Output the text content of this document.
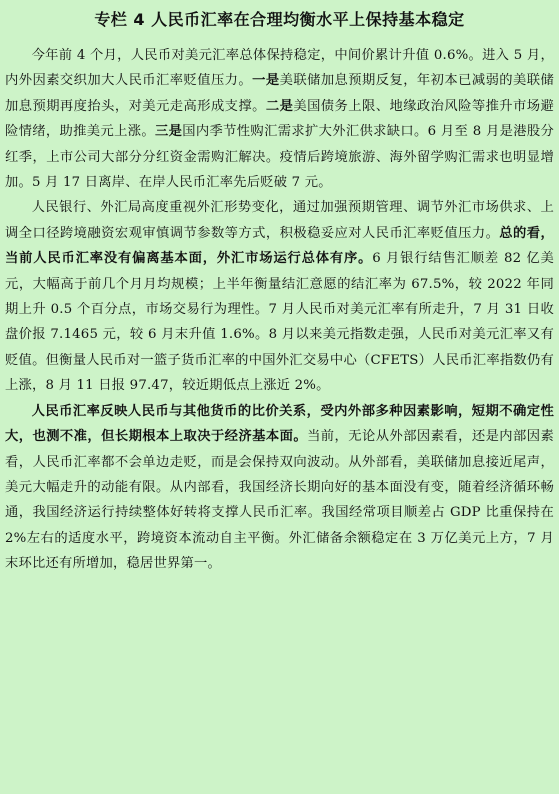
专栏 4 人民币汇率在合理均衡水平上保持基本稳定

今年前 4 个月，人民币对美元汇率总体保持稳定，中间价累计升值 0.6%。进入 5 月，内外因素交织加大人民币汇率贬值压力。一是美联储加息预期反复，年初本已减弱的美联储加息预期再度抬头，对美元走高形成支撑。二是美国债务上限、地缘政治风险等推升市场避险情绪，助推美元上涨。三是国内季节性购汇需求扩大外汇供求缺口。6 月至 8 月是港股分红季，上市公司大部分分红资金需购汇解决。疫情后跨境旅游、海外留学购汇需求也明显增加。5 月 17 日离岸、在岸人民币汇率先后贬破 7 元。

人民银行、外汇局高度重视外汇形势变化，通过加强预期管理、调节外汇市场供求、上调全口径跨境融资宏观审慎调节参数等方式，积极稳妥应对人民币汇率贬值压力。总的看，当前人民币汇率没有偏离基本面，外汇市场运行总体有序。6 月银行结售汇顺差 82 亿美元，大幅高于前几个月月均规模；上半年衡量结汇意愿的结汇率为 67.5%，较 2022 年同期上升 0.5 个百分点，市场交易行为理性。7 月人民币对美元汇率有所走升，7 月 31 日收盘价报 7.1465 元，较 6 月末升值 1.6%。8 月以来美元指数走强，人民币对美元汇率又有贬值。但衡量人民币对一篮子货币汇率的中国外汇交易中心（CFETS）人民币汇率指数仍有上涨，8 月 11 日报 97.47，较近期低点上涨近 2%。

人民币汇率反映人民币与其他货币的比价关系，受内外部多种因素影响，短期不确定性大，也测不准，但长期根本上取决于经济基本面。当前，无论从外部因素看，还是内部因素看，人民币汇率都不会单边走贬，而是会保持双向波动。从外部看，美联储加息接近尾声，美元大幅走升的动能有限。从内部看，我国经济长期向好的基本面没有变，随着经济循环畅通，我国经济运行持续整体好转将支撑人民币汇率。我国经常项目顺差占 GDP 比重保持在 2%左右的适度水平，跨境资本流动自主平衡。外汇储备余额稳定在 3 万亿美元上方，7 月末环比还有所增加，稳居世界第一。
